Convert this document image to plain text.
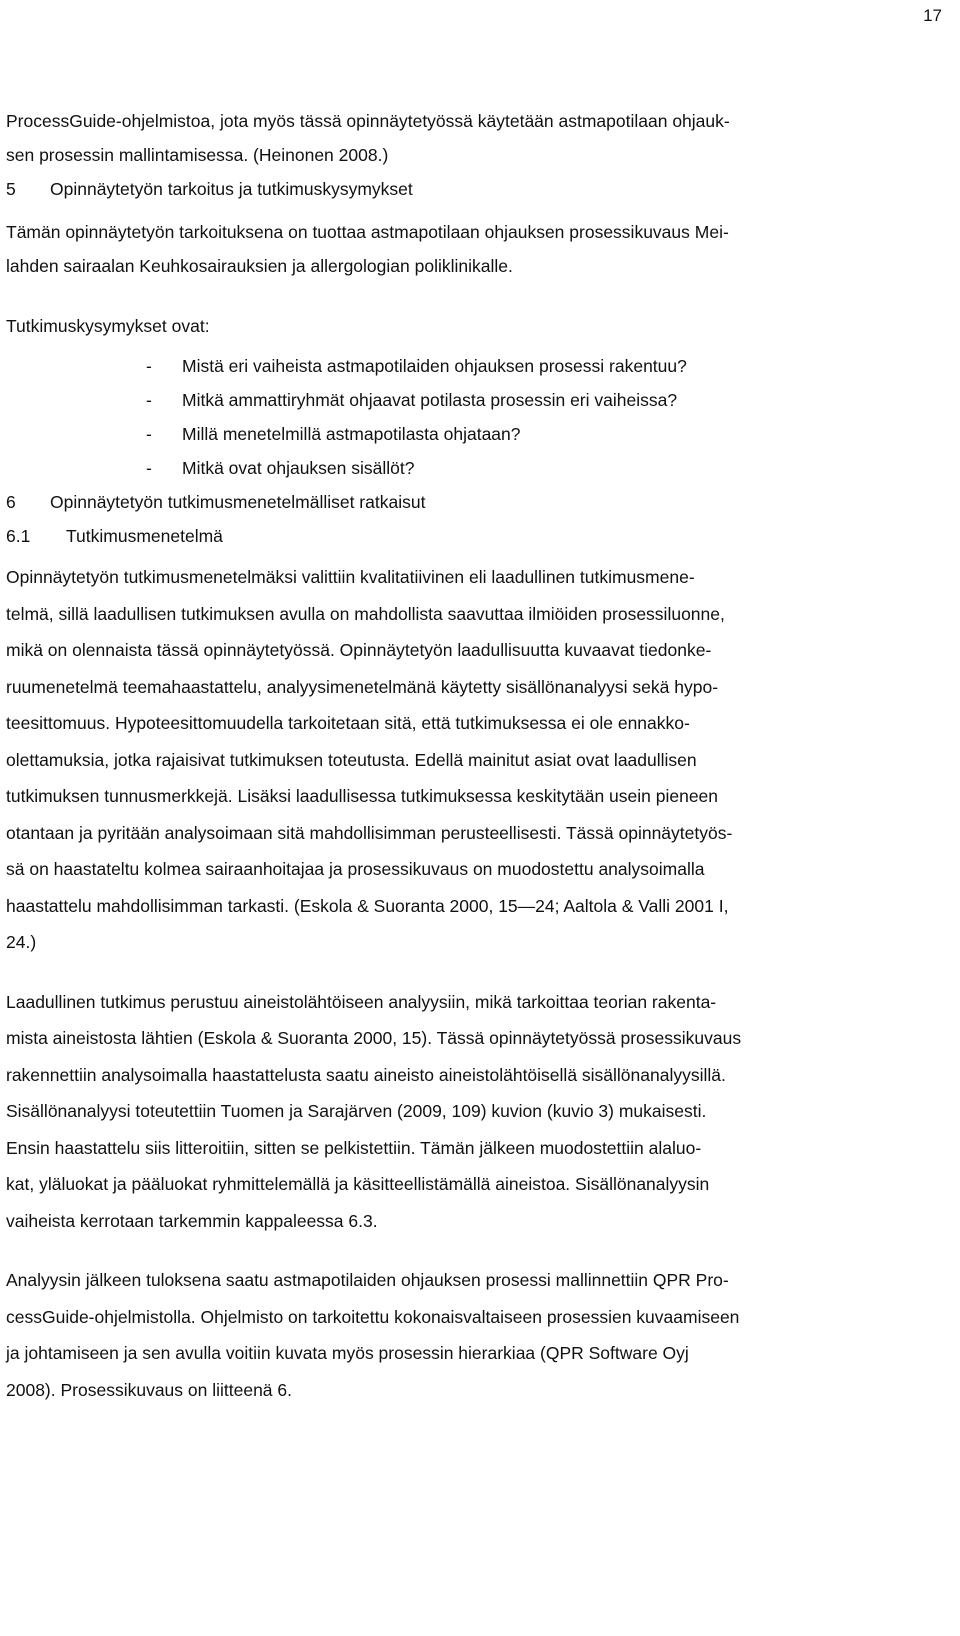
17

ProcessGuide-ohjelmistoa, jota myös tässä opinnäytetyössä käytetään astmapotilaan ohjauk-
sen prosessin mallintamisessa. (Heinonen 2008.)

5 Opinnäytetyön tarkoitus ja tutkimuskysymykset

Tämän opinnäytetyön tarkoituksena on tuottaa astmapotilaan ohjauksen prosessikuvaus Mei-
lahden sairaalan Keuhkosairauksien ja allergologian poliklinikalle.

Tutkimuskysymykset ovat:

-	Mistä eri vaiheista astmapotilaiden ohjauksen prosessi rakentuu?
-	Mitkä ammattiryhmät ohjaavat potilasta prosessin eri vaiheissa?
-	Millä menetelmillä astmapotilasta ohjataan?
-	Mitkä ovat ohjauksen sisällöt?
6 Opinnäytetyön tutkimusmenetelmälliset ratkaisut
6.1 Tutkimusmenetelmä

Opinnäytetyön tutkimusmenetelmäksi valittiin kvalitatiivinen eli laadullinen tutkimusmene-
telmä, sillä laadullisen tutkimuksen avulla on mahdollista saavuttaa ilmiöiden prosessiluonne,
mikä on olennaista tässä opinnäytetyössä. Opinnäytetyön laadullisuutta kuvaavat tiedonke-
ruumenetelmä teemahaastattelu, analyysimenetelmänä käytetty sisällönanalyysi sekä hypo-
teesittomuus. Hypoteesittomuudella tarkoitetaan sitä, että tutkimuksessa ei ole ennakko-
olettamuksia, jotka rajaisivat tutkimuksen toteutusta. Edellä mainitut asiat ovat laadullisen
tutkimuksen tunnusmerkkejä. Lisäksi laadullisessa tutkimuksessa keskitytään usein pieneen
otantaan ja pyritään analysoimaan sitä mahdollisimman perusteellisesti. Tässä opinnäytetyös-
sä on haastateltu kolmea sairaanhoitajaa ja prosessikuvaus on muodostettu analysoimalla
haastattelu mahdollisimman tarkasti. (Eskola & Suoranta 2000, 15—24; Aaltola & Valli 2001 I,
24.)

Laadullinen tutkimus perustuu aineistolähtöiseen analyysiin, mikä tarkoittaa teorian rakenta-
mista aineistosta lähtien (Eskola & Suoranta 2000, 15). Tässä opinnäytetyössä prosessikuvaus
rakennettiin analysoimalla haastattelusta saatu aineisto aineistolähtöisellä sisällönanalyysillä.
Sisällönanalyysi toteutettiin Tuomen ja Sarajärven (2009, 109) kuvion (kuvio 3) mukaisesti.
Ensin haastattelu siis litteroitiin, sitten se pelkistettiin. Tämän jälkeen muodostettiin alaluo-
kat, yläluokat ja pääluokat ryhmittelemällä ja käsitteellistämällä aineistoa. Sisällönanalyysin
vaiheista kerrotaan tarkemmin kappaleessa 6.3.

Analyysin jälkeen tuloksena saatu astmapotilaiden ohjauksen prosessi mallinnettiin QPR Pro-
cessGuide-ohjelmistolla. Ohjelmisto on tarkoitettu kokonaisvaltaiseen prosessien kuvaamiseen
ja johtamiseen ja sen avulla voitiin kuvata myös prosessin hierarkiaa (QPR Software Oyj
2008). Prosessikuvaus on liitteenä 6.
